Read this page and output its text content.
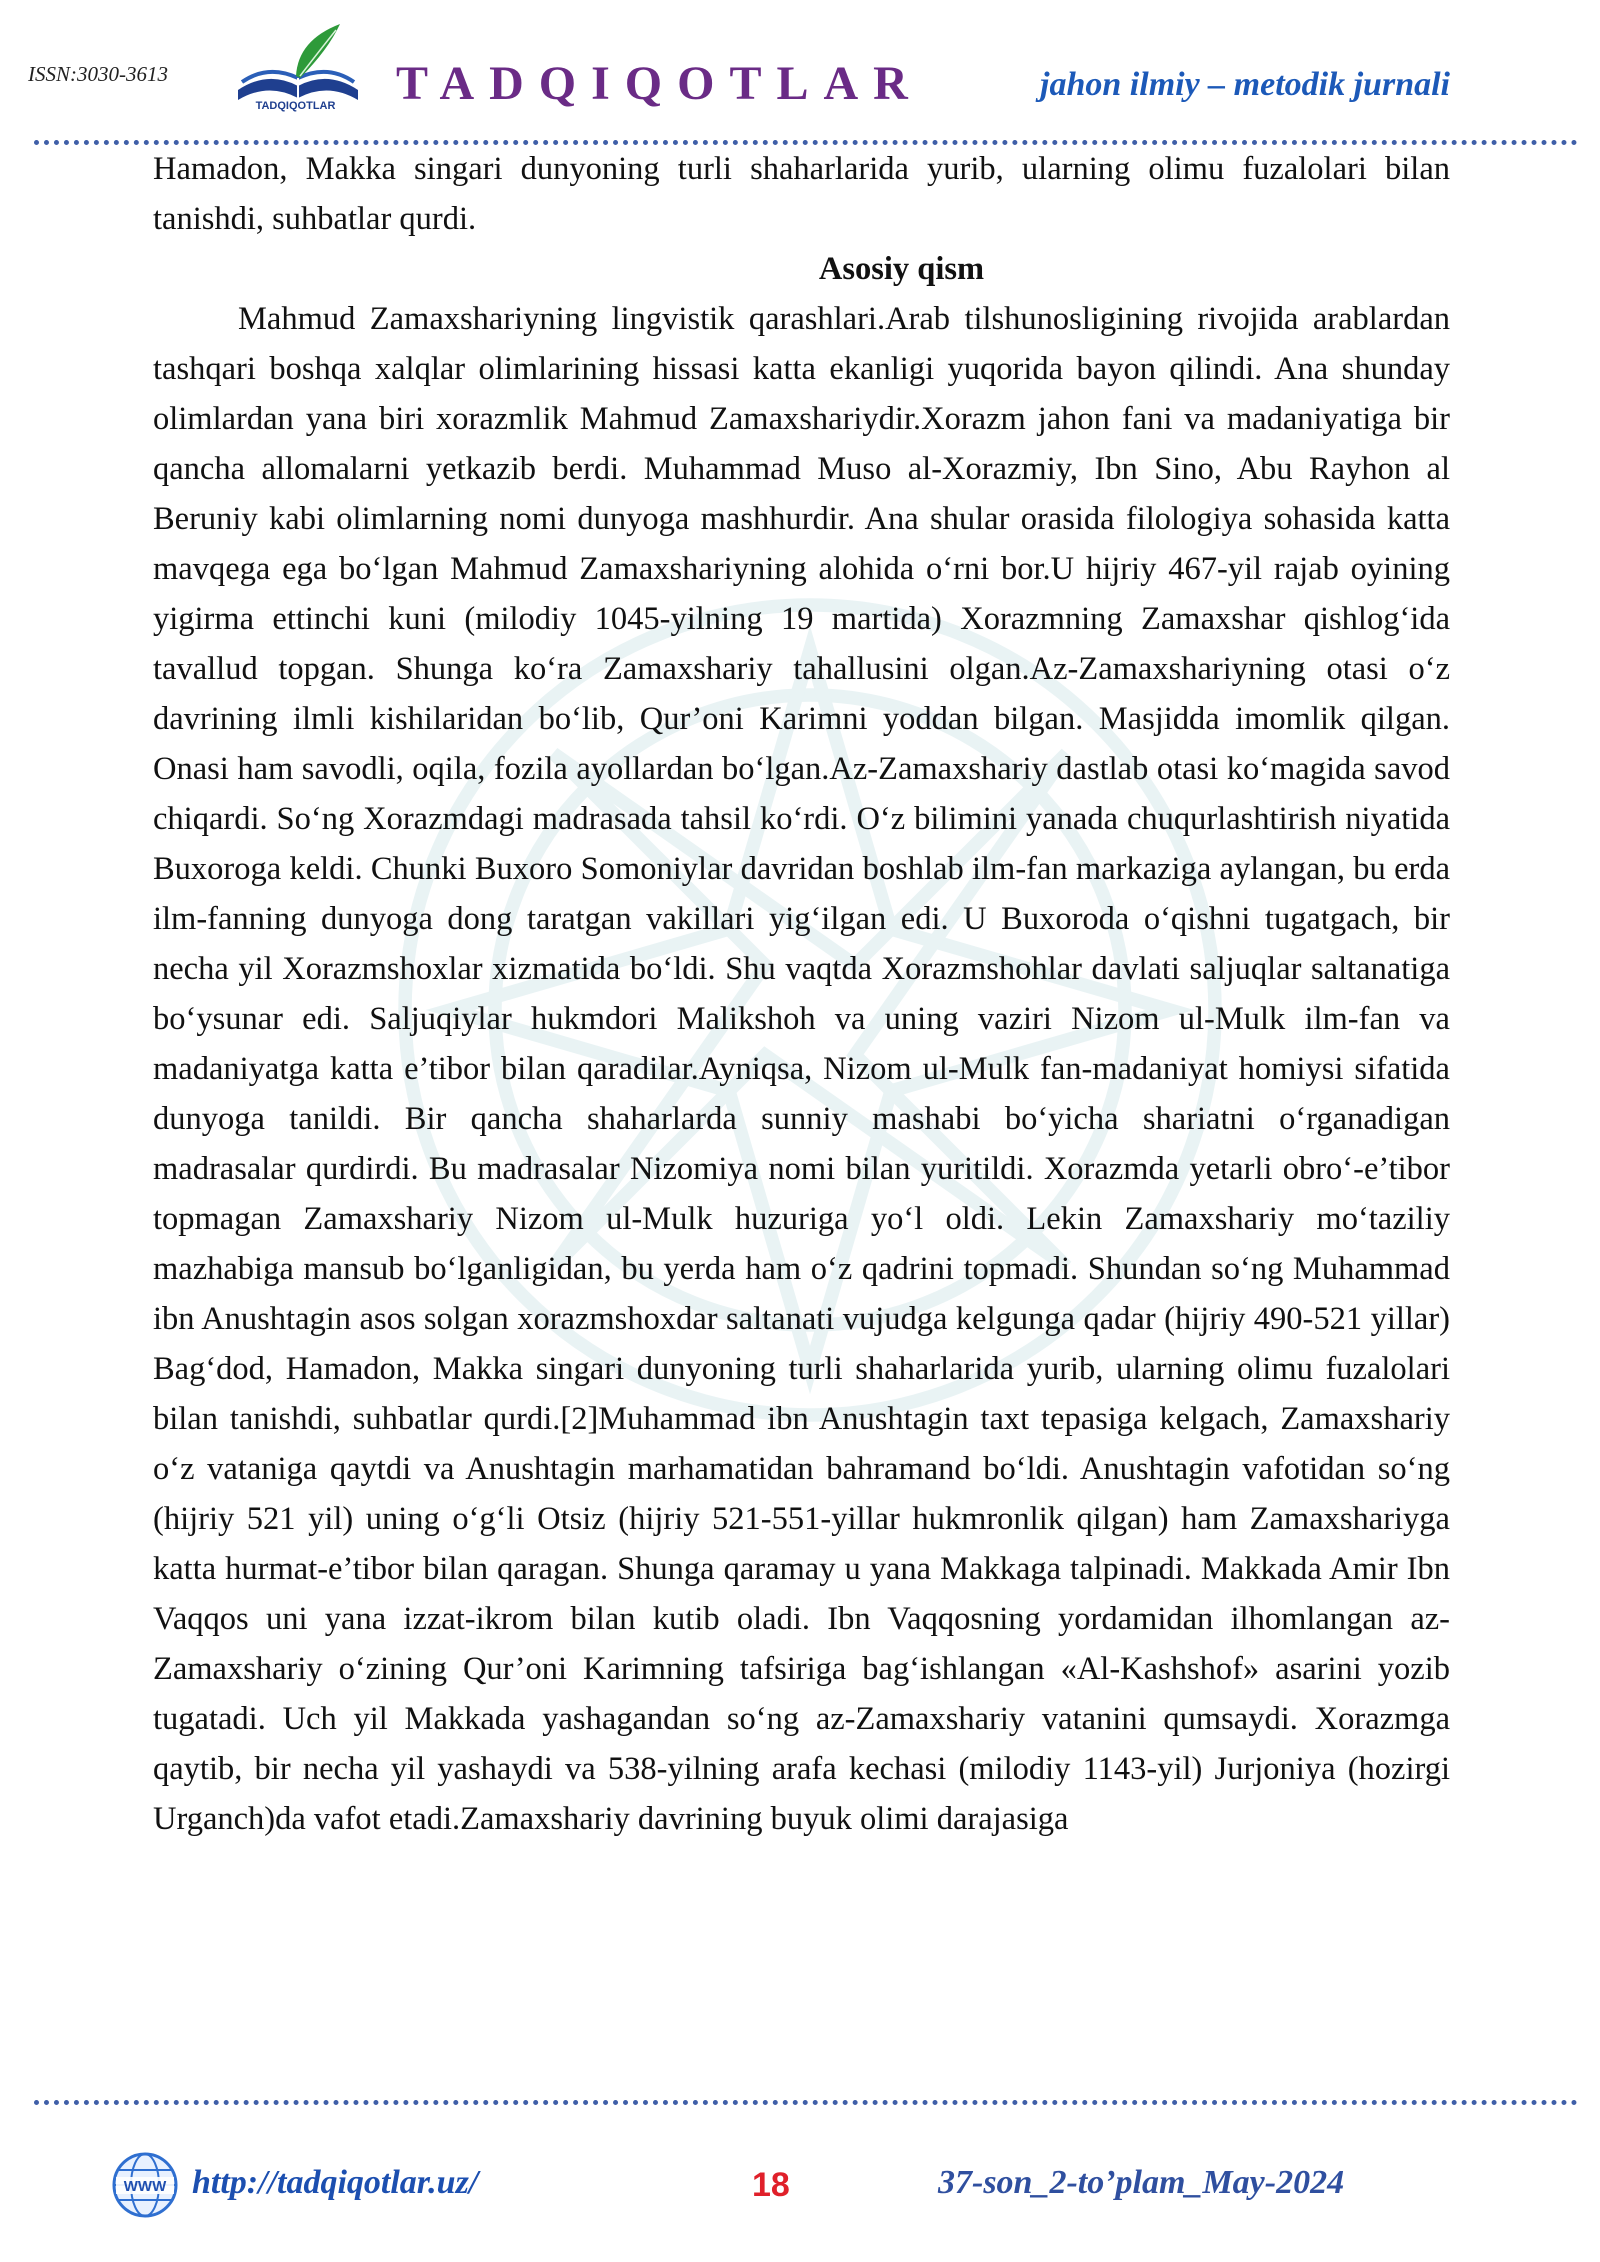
ISSN:3030-3613
TADQIQOTLAR	TADQIQOTLAR	jahon ilmiy – metodik jurnali

Hamadon, Makka singari dunyoning turli shaharlarida yurib, ularning olimu fuzalolari bilan tanishdi, suhbatlar qurdi.

Asosiy qism

Mahmud Zamaxshariyning lingvistik qarashlari.Arab tilshunosligining rivojida arablardan tashqari boshqa xalqlar olimlarining hissasi katta ekanligi yuqorida bayon qilindi. Ana shunday olimlardan yana biri xorazmlik Mahmud Zamaxshariydir.Xorazm jahon fani va madaniyatiga bir qancha allomalarni yetkazib berdi. Muhammad Muso al-Xorazmiy, Ibn Sino, Abu Rayhon al Beruniy kabi olimlarning nomi dunyoga mashhurdir. Ana shular orasida filologiya sohasida katta mavqega ega bo‘lgan Mahmud Zamaxshariyning alohida o‘rni bor.U hijriy 467-yil rajab oyining yigirma ettinchi kuni (milodiy 1045-yilning 19 martida) Xorazmning Zamaxshar qishlog‘ida tavallud topgan. Shunga ko‘ra Zamaxshariy tahallusini olgan.Az-Zamaxshariyning otasi o‘z davrining ilmli kishilaridan bo‘lib, Qur’oni Karimni yoddan bilgan. Masjidda imomlik qilgan. Onasi ham savodli, oqila, fozila ayollardan bo‘lgan.Az-Zamaxshariy dastlab otasi ko‘magida savod chiqardi. So‘ng Xorazmdagi madrasada tahsil ko‘rdi. O‘z bilimini yanada chuqurlashtirish niyatida Buxoroga keldi. Chunki Buxoro Somoniylar davridan boshlab ilm-fan markaziga aylangan, bu erda ilm-fanning dunyoga dong taratgan vakillari yig‘ilgan edi. U Buxoroda o‘qishni tugatgach, bir necha yil Xorazmshoxlar xizmatida bo‘ldi. Shu vaqtda Xorazmshohlar davlati saljuqlar saltanatiga bo‘ysunar edi. Saljuqiylar hukmdori Malikshoh va uning vaziri Nizom ul-Mulk ilm-fan va madaniyatga katta e’tibor bilan qaradilar.Ayniqsa, Nizom ul-Mulk fan-madaniyat homiysi sifatida dunyoga tanildi. Bir qancha shaharlarda sunniy mashabi bo‘yicha shariatni o‘rganadigan madrasalar qurdirdi. Bu madrasalar Nizomiya nomi bilan yuritildi. Xorazmda yetarli obro‘-e’tibor topmagan Zamaxshariy Nizom ul-Mulk huzuriga yo‘l oldi. Lekin Zamaxshariy mo‘taziliy mazhabiga mansub bo‘lganligidan, bu yerda ham o‘z qadrini topmadi. Shundan so‘ng Muhammad ibn Anushtagin asos solgan xorazmshoxdar saltanati vujudga kelgunga qadar (hijriy 490-521 yillar) Bag‘dod, Hamadon, Makka singari dunyoning turli shaharlarida yurib, ularning olimu fuzalolari bilan tanishdi, suhbatlar qurdi.[2]Muhammad ibn Anushtagin taxt tepasiga kelgach, Zamaxshariy o‘z vataniga qaytdi va Anushtagin marhamatidan bahramand bo‘ldi. Anushtagin vafotidan so‘ng (hijriy 521 yil) uning o‘g‘li Otsiz (hijriy 521-551-yillar hukmronlik qilgan) ham Zamaxshariyga katta hurmat-e’tibor bilan qaragan. Shunga qaramay u yana Makkaga talpinadi. Makkada Amir Ibn Vaqqos uni yana izzat-ikrom bilan kutib oladi. Ibn Vaqqosning yordamidan ilhomlangan az-Zamaxshariy o‘zining Qur’oni Karimning tafsiriga bag‘ishlangan «Al-Kashshof» asarini yozib tugatadi. Uch yil Makkada yashagandan so‘ng az-Zamaxshariy vatanini qumsaydi. Xorazmga qaytib, bir necha yil yashaydi va 538-yilning arafa kechasi (milodiy 1143-yil) Jurjoniya (hozirgi Urganch)da vafot etadi.Zamaxshariy davrining buyuk olimi darajasiga

WWW http://tadqiqotlar.uz/	18	37-son_2-to’plam_May-2024
